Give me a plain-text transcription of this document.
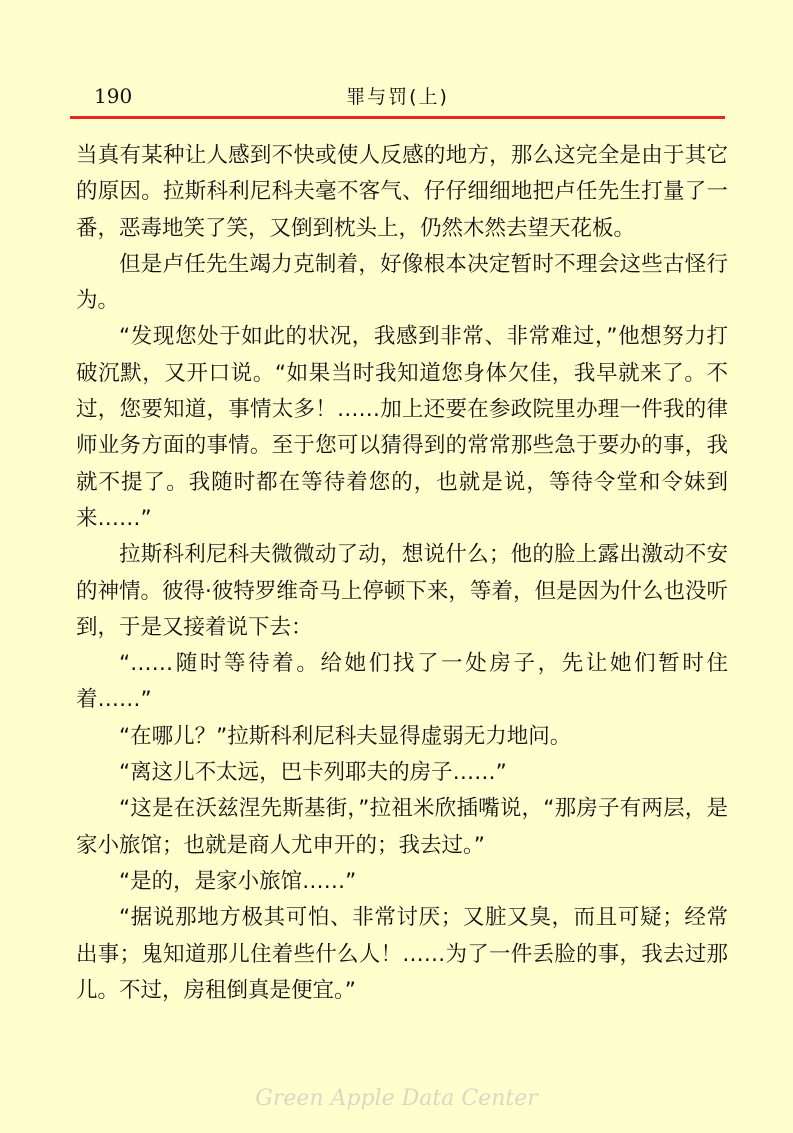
190	罪与罚(上)

当真有某种让人感到不快或使人反感的地方，那么这完全是由于其它的原因。拉斯科利尼科夫毫不客气、仔仔细细地把卢任先生打量了一番，恶毒地笑了笑，又倒到枕头上，仍然木然去望天花板。

但是卢任先生竭力克制着，好像根本决定暂时不理会这些古怪行为。

“发现您处于如此的状况，我感到非常、非常难过，”他想努力打破沉默，又开口说。“如果当时我知道您身体欠佳，我早就来了。不过，您要知道，事情太多！……加上还要在参政院里办理一件我的律师业务方面的事情。至于您可以猜得到的常常那些急于要办的事，我就不提了。我随时都在等待着您的，也就是说，等待令堂和令妹到来……”

拉斯科利尼科夫微微动了动，想说什么；他的脸上露出激动不安的神情。彼得·彼特罗维奇马上停顿下来，等着，但是因为什么也没听到，于是又接着说下去：

“……随时等待着。给她们找了一处房子，先让她们暂时住着……”

“在哪儿？”拉斯科利尼科夫显得虚弱无力地问。

“离这儿不太远，巴卡列耶夫的房子……”

“这是在沃兹涅先斯基街，”拉祖米欣插嘴说，“那房子有两层，是家小旅馆；也就是商人尤申开的；我去过。”

“是的，是家小旅馆……”

“据说那地方极其可怕、非常讨厌；又脏又臭，而且可疑；经常出事；鬼知道那儿住着些什么人！……为了一件丢脸的事，我去过那儿。不过，房租倒真是便宜。”

Green Apple Data Center
